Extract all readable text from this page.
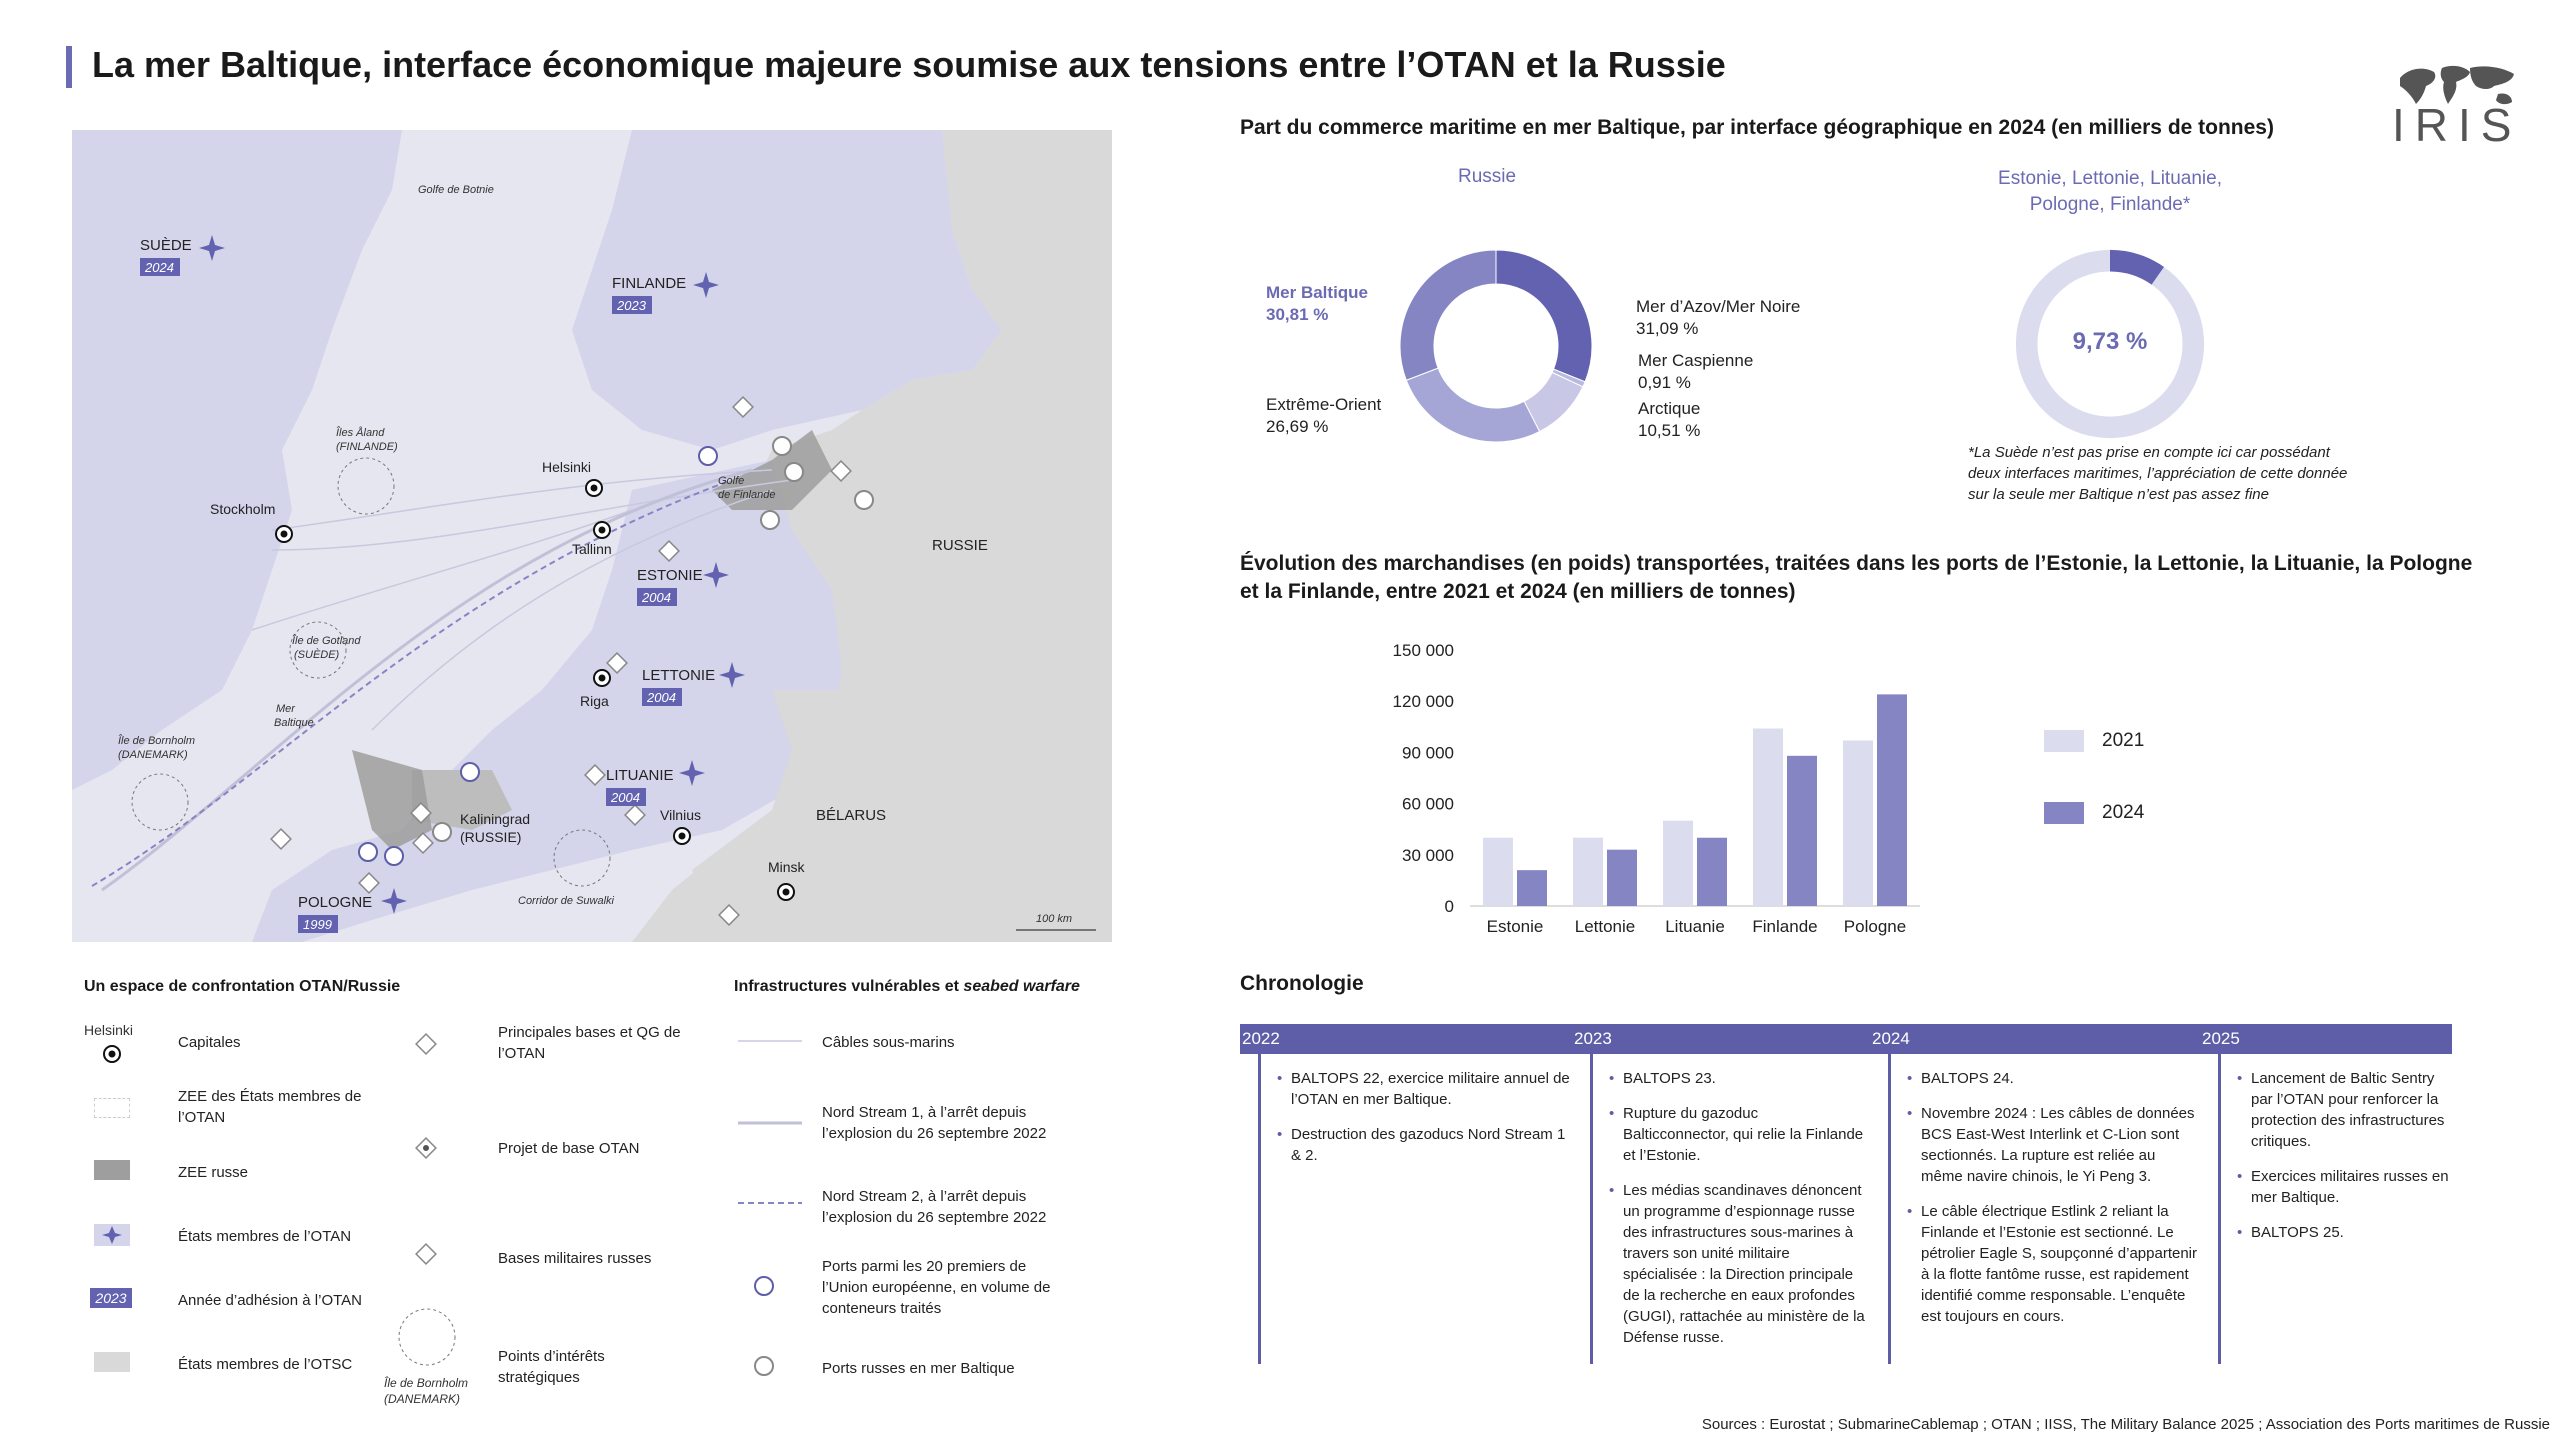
La mer Baltique, interface économique majeure soumise aux tensions entre l’OTAN et la Russie
IRIS
SUÈDE
2024
FINLANDE
2023
ESTONIE
2004
LETTONIE
2004
LITUANIE
2004
POLOGNE
1999
RUSSIE
BÉLARUS
Stockholm
Helsinki
Tallinn
Riga
Vilnius
Minsk
Golfe de Botnie
Îles Åland
(FINLANDE)
Île de Gotland
(SUÈDE)
Mer
Baltique
Île de Bornholm
(DANEMARK)
Golfe
de Finlande
Corridor de Suwalki
100 km
Kaliningrad
(RUSSIE)
Un espace de confrontation OTAN/Russie
Helsinki
Capitales
ZEE des États membres de l’OTAN
ZEE russe
États membres de l’OTAN
2023	Année d’adhésion à l’OTAN
États membres de l’OTSC
Principales bases et QG de l’OTAN
Projet de base OTAN
Bases militaires russes
Points d’intérêts stratégiques
Île de Bornholm
(DANEMARK)
Infrastructures vulnérables et seabed warfare
Câbles sous-marins
Nord Stream 1, à l’arrêt depuis l’explosion du 26 septembre 2022
Nord Stream 2, à l’arrêt depuis l’explosion du 26 septembre 2022
Ports parmi les 20 premiers de l’Union européenne, en volume de conteneurs traités
Ports russes en mer Baltique
Part du commerce maritime en mer Baltique, par interface géographique en 2024 (en milliers de tonnes)
Russie
Mer Baltique
30,81 %
Extrême-Orient
26,69 %
Mer d’Azov/Mer Noire
31,09 %
Mer Caspienne
0,91 %
Arctique
10,51 %
Estonie, Lettonie, Lituanie,
Pologne, Finlande*
9,73 %
*La Suède n’est pas prise en compte ici car possédant
deux interfaces maritimes, l’appréciation de cette donnée
sur la seule mer Baltique n’est pas assez fine
Évolution des marchandises (en poids) transportées, traitées dans les ports de l’Estonie, la Lettonie, la Lituanie, la Pologne
et la Finlande, entre 2021 et 2024 (en milliers de tonnes)
0
30 000
60 000
90 000
120 000
150 000
Estonie Lettonie Lituanie Finlande Pologne
2021
2024
Chronologie
2022
• BALTOPS 22, exercice militaire annuel de l’OTAN en mer Baltique.
• Destruction des gazoducs Nord Stream 1 & 2.
2023
• BALTOPS 23.
• Rupture du gazoduc Balticconnector, qui relie la Finlande et l’Estonie.
• Les médias scandinaves dénoncent un programme d’espionnage russe des infrastructures sous-marines à travers son unité militaire spécialisée : la Direction principale de la recherche en eaux profondes (GUGI), rattachée au ministère de la Défense russe.
2024
• BALTOPS 24.
• Novembre 2024 : Les câbles de données BCS East-West Interlink et C-Lion sont sectionnés. La rupture est reliée au même navire chinois, le Yi Peng 3.
• Le câble électrique Estlink 2 reliant la Finlande et l’Estonie est sectionné. Le pétrolier Eagle S, soupçonné d’appartenir à la flotte fantôme russe, est rapidement identifié comme responsable. L’enquête est toujours en cours.
2025
• Lancement de Baltic Sentry par l’OTAN pour renforcer la protection des infrastructures critiques.
• Exercices militaires russes en mer Baltique.
• BALTOPS 25.
Sources : Eurostat ; SubmarineCablemap ; OTAN ; IISS, The Military Balance 2025 ; Association des Ports maritimes de Russie
